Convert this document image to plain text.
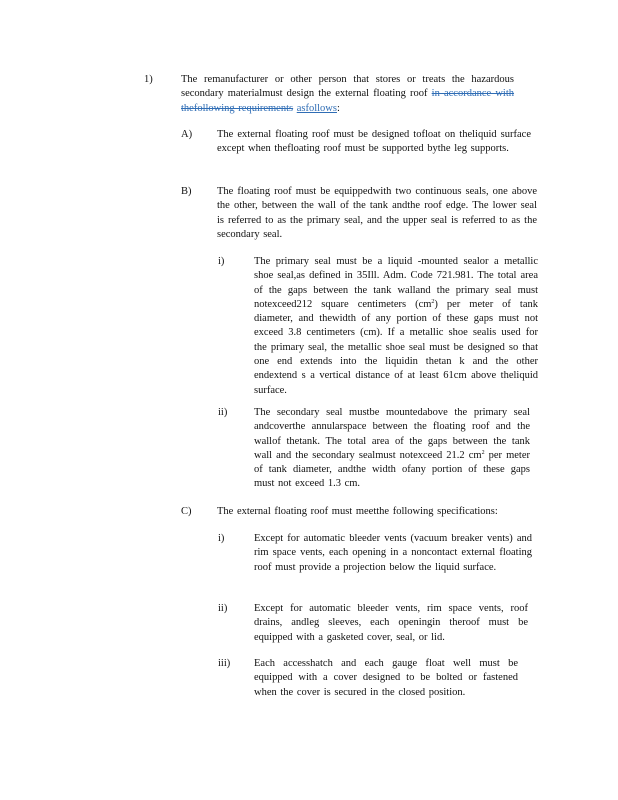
1)	The remanufacturer or other person that stores or treats the hazardous secondary materialmust design the external floating roof in accordance with thefollowing requirements asfollows:
A) The external floating roof must be designed tofloat on theliquid surface except when thefloating roof must be supported bythe leg supports.
B) The floating roof must be equippedwith two continuous seals, one above the other, between the wall of the tank andthe roof edge. The lower seal is referred to as the primary seal, and the upper seal is referred to as the secondary seal.
i)	The primary seal must be a liquid -mounted sealor a metallic shoe seal,as defined in 35Ill. Adm. Code 721.981. The total area of the gaps between the tank walland the primary seal must notexceed212 square centimeters $(cm^2)$ per meter of tank diameter, and thewidth of any portion of these gaps must not exceed 3.8 centimeters (cm). If a metallic shoe sealis used for the primary seal, the metallic shoe seal must be designed so that one end extends into the liquidin thetan k and the other endextend s a vertical distance of at least 61cm above theliquid surface.
ii)	The secondary seal mustbe mountedabove the primary seal andcoverthe annularspace between the floating roof and the wallof thetank. The total area of the gaps between the tank wall and the secondary sealmust notexceed 21.2 $cm^2$ per meter of tank diameter, andthe width ofany portion of these gaps must not exceed 1.3 cm.
C) The external floating roof must meetthe following specifications:
i)	Except for automatic bleeder vents (vacuum breaker vents) and rim space vents, each opening in a noncontact external floating roof must provide a projection below the liquid surface.
ii)	Except for automatic bleeder vents, rim space vents, roof drains, andleg sleeves, each openingin theroof must be equipped with a gasketed cover, seal, or lid.
iii) Each accesshatch and each gauge float well must be equipped with a cover designed to be bolted or fastened when the cover is secured in the closed position.
